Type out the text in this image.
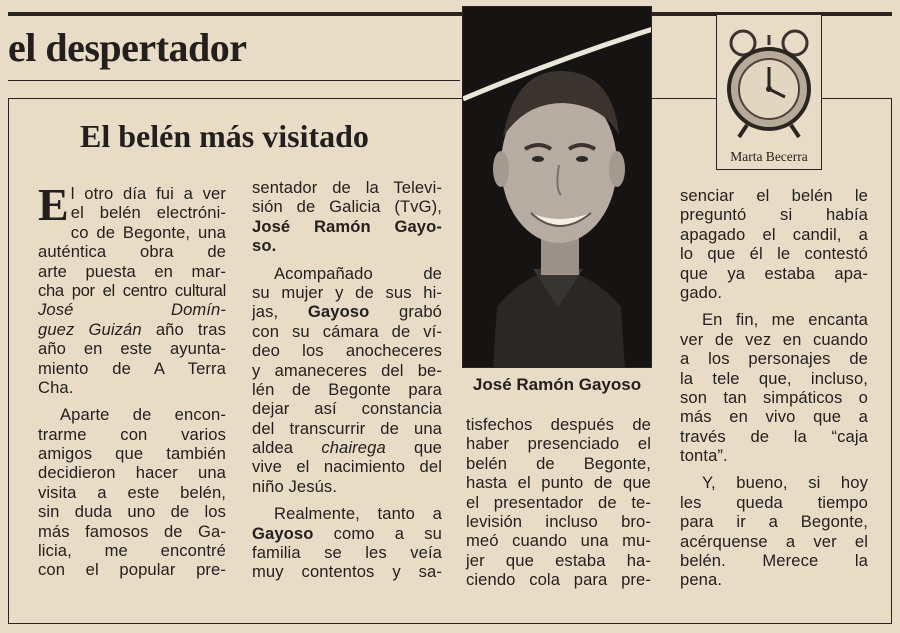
el despertador
El belén más visitado
E l otro día fui a ver
el belén electróni-
co de Begonte, una
auténtica obra de
arte puesta en mar-
cha por el centro cultural
José Domín-
guez Guizán año tras
año en este ayunta-
miento de A Terra
Cha.
Aparte de encon-
trarme con varios
amigos que también
decidieron hacer una
visita a este belén,
sin duda uno de los
más famosos de Ga-
licia, me encontré
con el popular pre-
sentador de la Televi-
sión de Galicia (TvG),
José Ramón Gayo-
so.
Acompañado de
su mujer y de sus hi-
jas, Gayoso grabó
con su cámara de ví-
deo los anocheceres
y amaneceres del be-
lén de Begonte para
dejar así constancia
del transcurrir de una
aldea chairega que
vive el nacimiento del
niño Jesús.
Realmente, tanto a
Gayoso como a su
familia se les veía
muy contentos y sa-
José Ramón Gayoso
Marta Becerra
tisfechos después de
haber presenciado el
belén de Begonte,
hasta el punto de que
el presentador de te-
levisión incluso bro-
meó cuando una mu-
jer que estaba ha-
ciendo cola para pre-
senciar el belén le
preguntó si había
apagado el candil, a
lo que él le contestó
que ya estaba apa-
gado.
En fin, me encanta
ver de vez en cuando
a los personajes de
la tele que, incluso,
son tan simpáticos o
más en vivo que a
través de la “caja
tonta”.
Y, bueno, si hoy
les queda tiempo
para ir a Begonte,
acérquense a ver el
belén. Merece la
pena.
